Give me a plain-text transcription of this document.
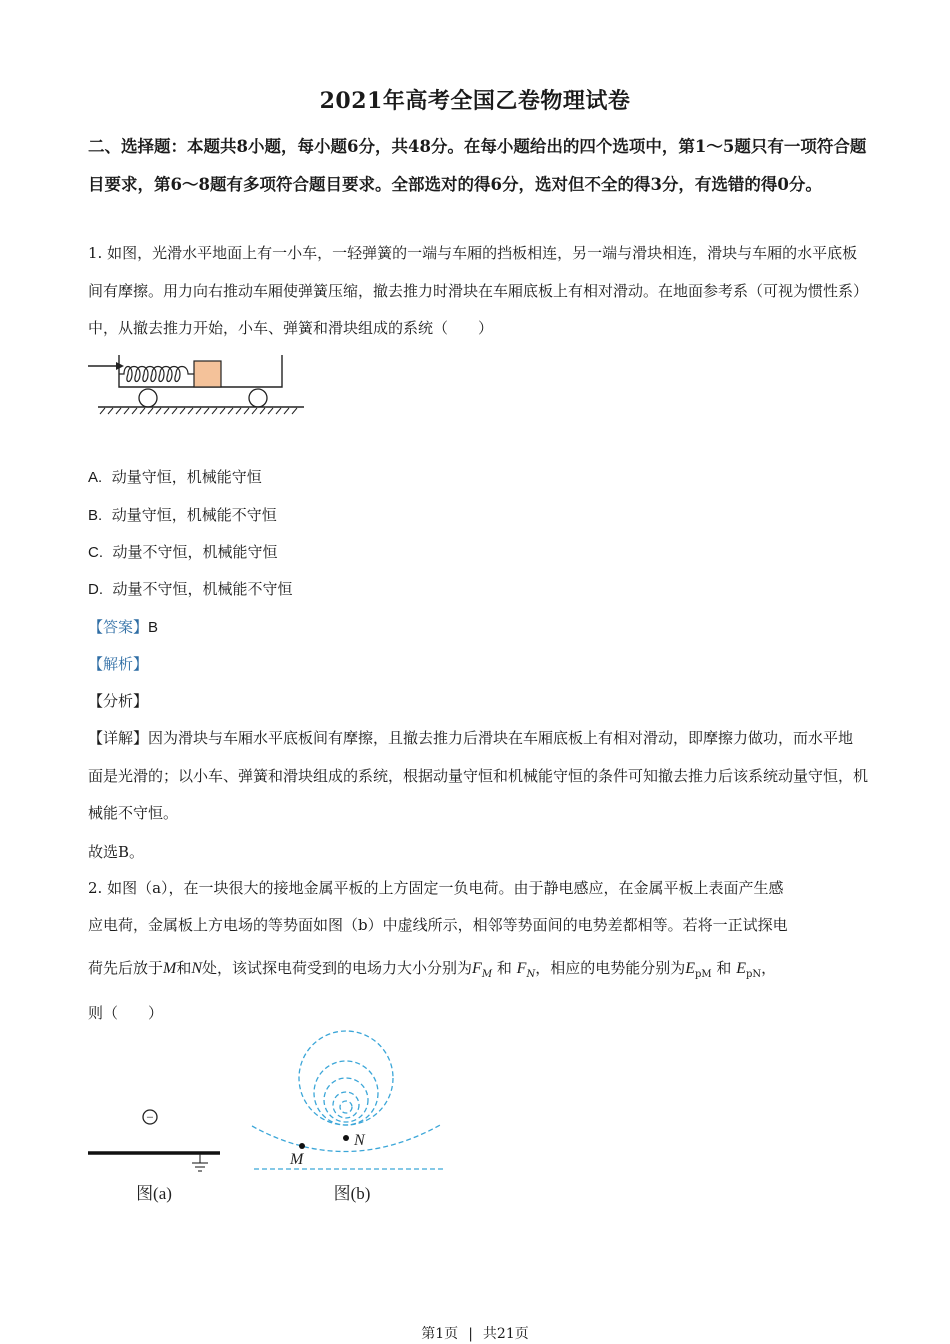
2021年高考全国乙卷物理试卷
二、选择题：本题共8小题，每小题6分，共48分。在每小题给出的四个选项中，第1～5题只有一项符合题目要求，第6～8题有多项符合题目要求。全部选对的得6分，选对但不全的得3分，有选错的得0分。
1. 如图，光滑水平地面上有一小车，一轻弹簧的一端与车厢的挡板相连，另一端与滑块相连，滑块与车厢的水平底板间有摩擦。用力向右推动车厢使弹簧压缩，撤去推力时滑块在车厢底板上有相对滑动。在地面参考系（可视为惯性系）中，从撤去推力开始，小车、弹簧和滑块组成的系统（　　）
A. 动量守恒，机械能守恒
B. 动量守恒，机械能不守恒
C. 动量不守恒，机械能守恒
D. 动量不守恒，机械能不守恒
【答案】B
【解析】
【分析】
【详解】因为滑块与车厢水平底板间有摩擦，且撤去推力后滑块在车厢底板上有相对滑动，即摩擦力做功，而水平地面是光滑的；以小车、弹簧和滑块组成的系统，根据动量守恒和机械能守恒的条件可知撤去推力后该系统动量守恒，机械能不守恒。
故选B。
2. 如图（a），在一块很大的接地金属平板的上方固定一负电荷。由于静电感应，在金属平板上表面产生感
应电荷，金属板上方电场的等势面如图（b）中虚线所示，相邻等势面间的电势差都相等。若将一正试探电
荷先后放于M和N处，该试探电荷受到的电场力大小分别为$F_M$ 和 $F_N$，相应的电势能分别为$E_{pM}$ 和 $E_{pN}$，
则（　　）
−
图(a)
N
M
图(b)
第1页 | 共21页
